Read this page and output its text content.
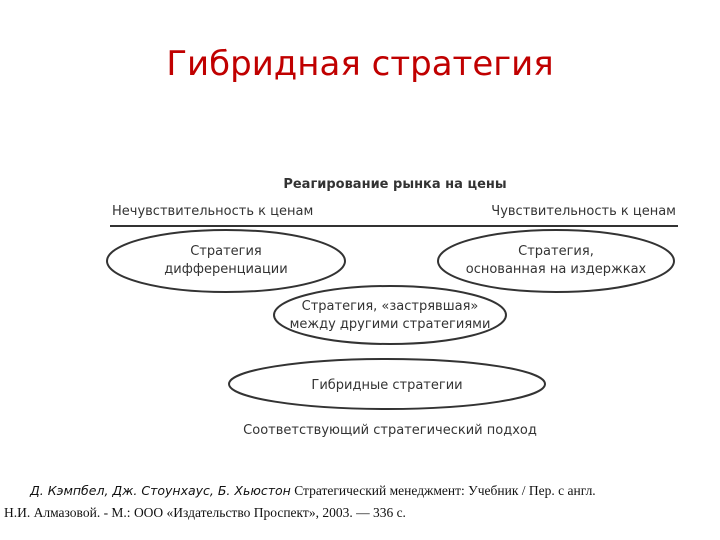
Гибридная стратегия
Реагирование рынка на цены
Нечувствительность к ценам	Чувствительность к ценам
Стратегия
дифференциации
Стратегия,
основанная на издержках
Стратегия, «застрявшая»
между другими стратегиями
Гибридные стратегии
Соответствующий стратегический подход
Д. Кэмпбел, Дж. Стоунхаус, Б. Хьюстон Стратегический менеджмент: Учебник / Пер. с англ.
Н.И. Алмазовой. - М.: ООО «Издательство Проспект», 2003. — 336 с.
